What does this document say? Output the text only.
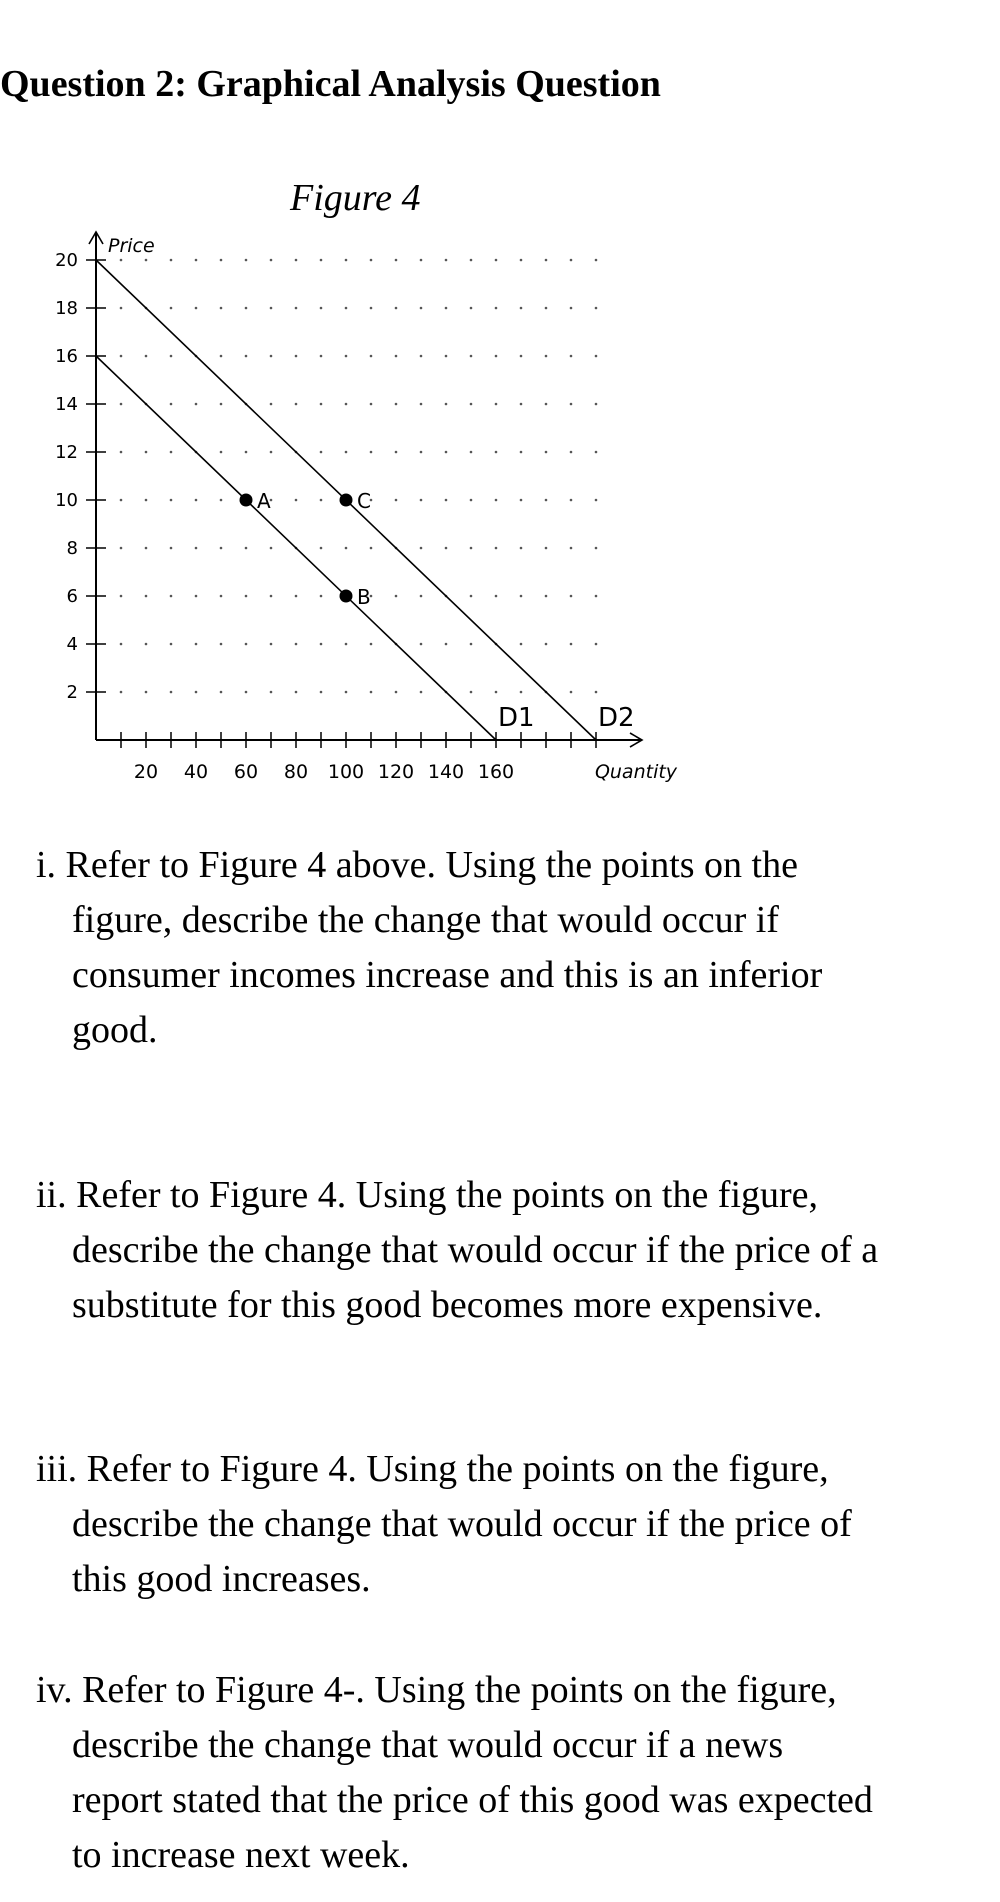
Question 2: Graphical Analysis Question
Figure 4
Price
Quantity
20 40 60 80 100 120 140 160
2
4
6
8
10
12
14
16
18
20
D1 D2
A
B
C
i. Refer to Figure 4 above. Using the points on the
figure, describe the change that would occur if
consumer incomes increase and this is an inferior
good.
ii. Refer to Figure 4. Using the points on the figure,
describe the change that would occur if the price of a
substitute for this good becomes more expensive.
iii. Refer to Figure 4. Using the points on the figure,
describe the change that would occur if the price of
this good increases.
iv. Refer to Figure 4-. Using the points on the figure,
describe the change that would occur if a news
report stated that the price of this good was expected
to increase next week.
